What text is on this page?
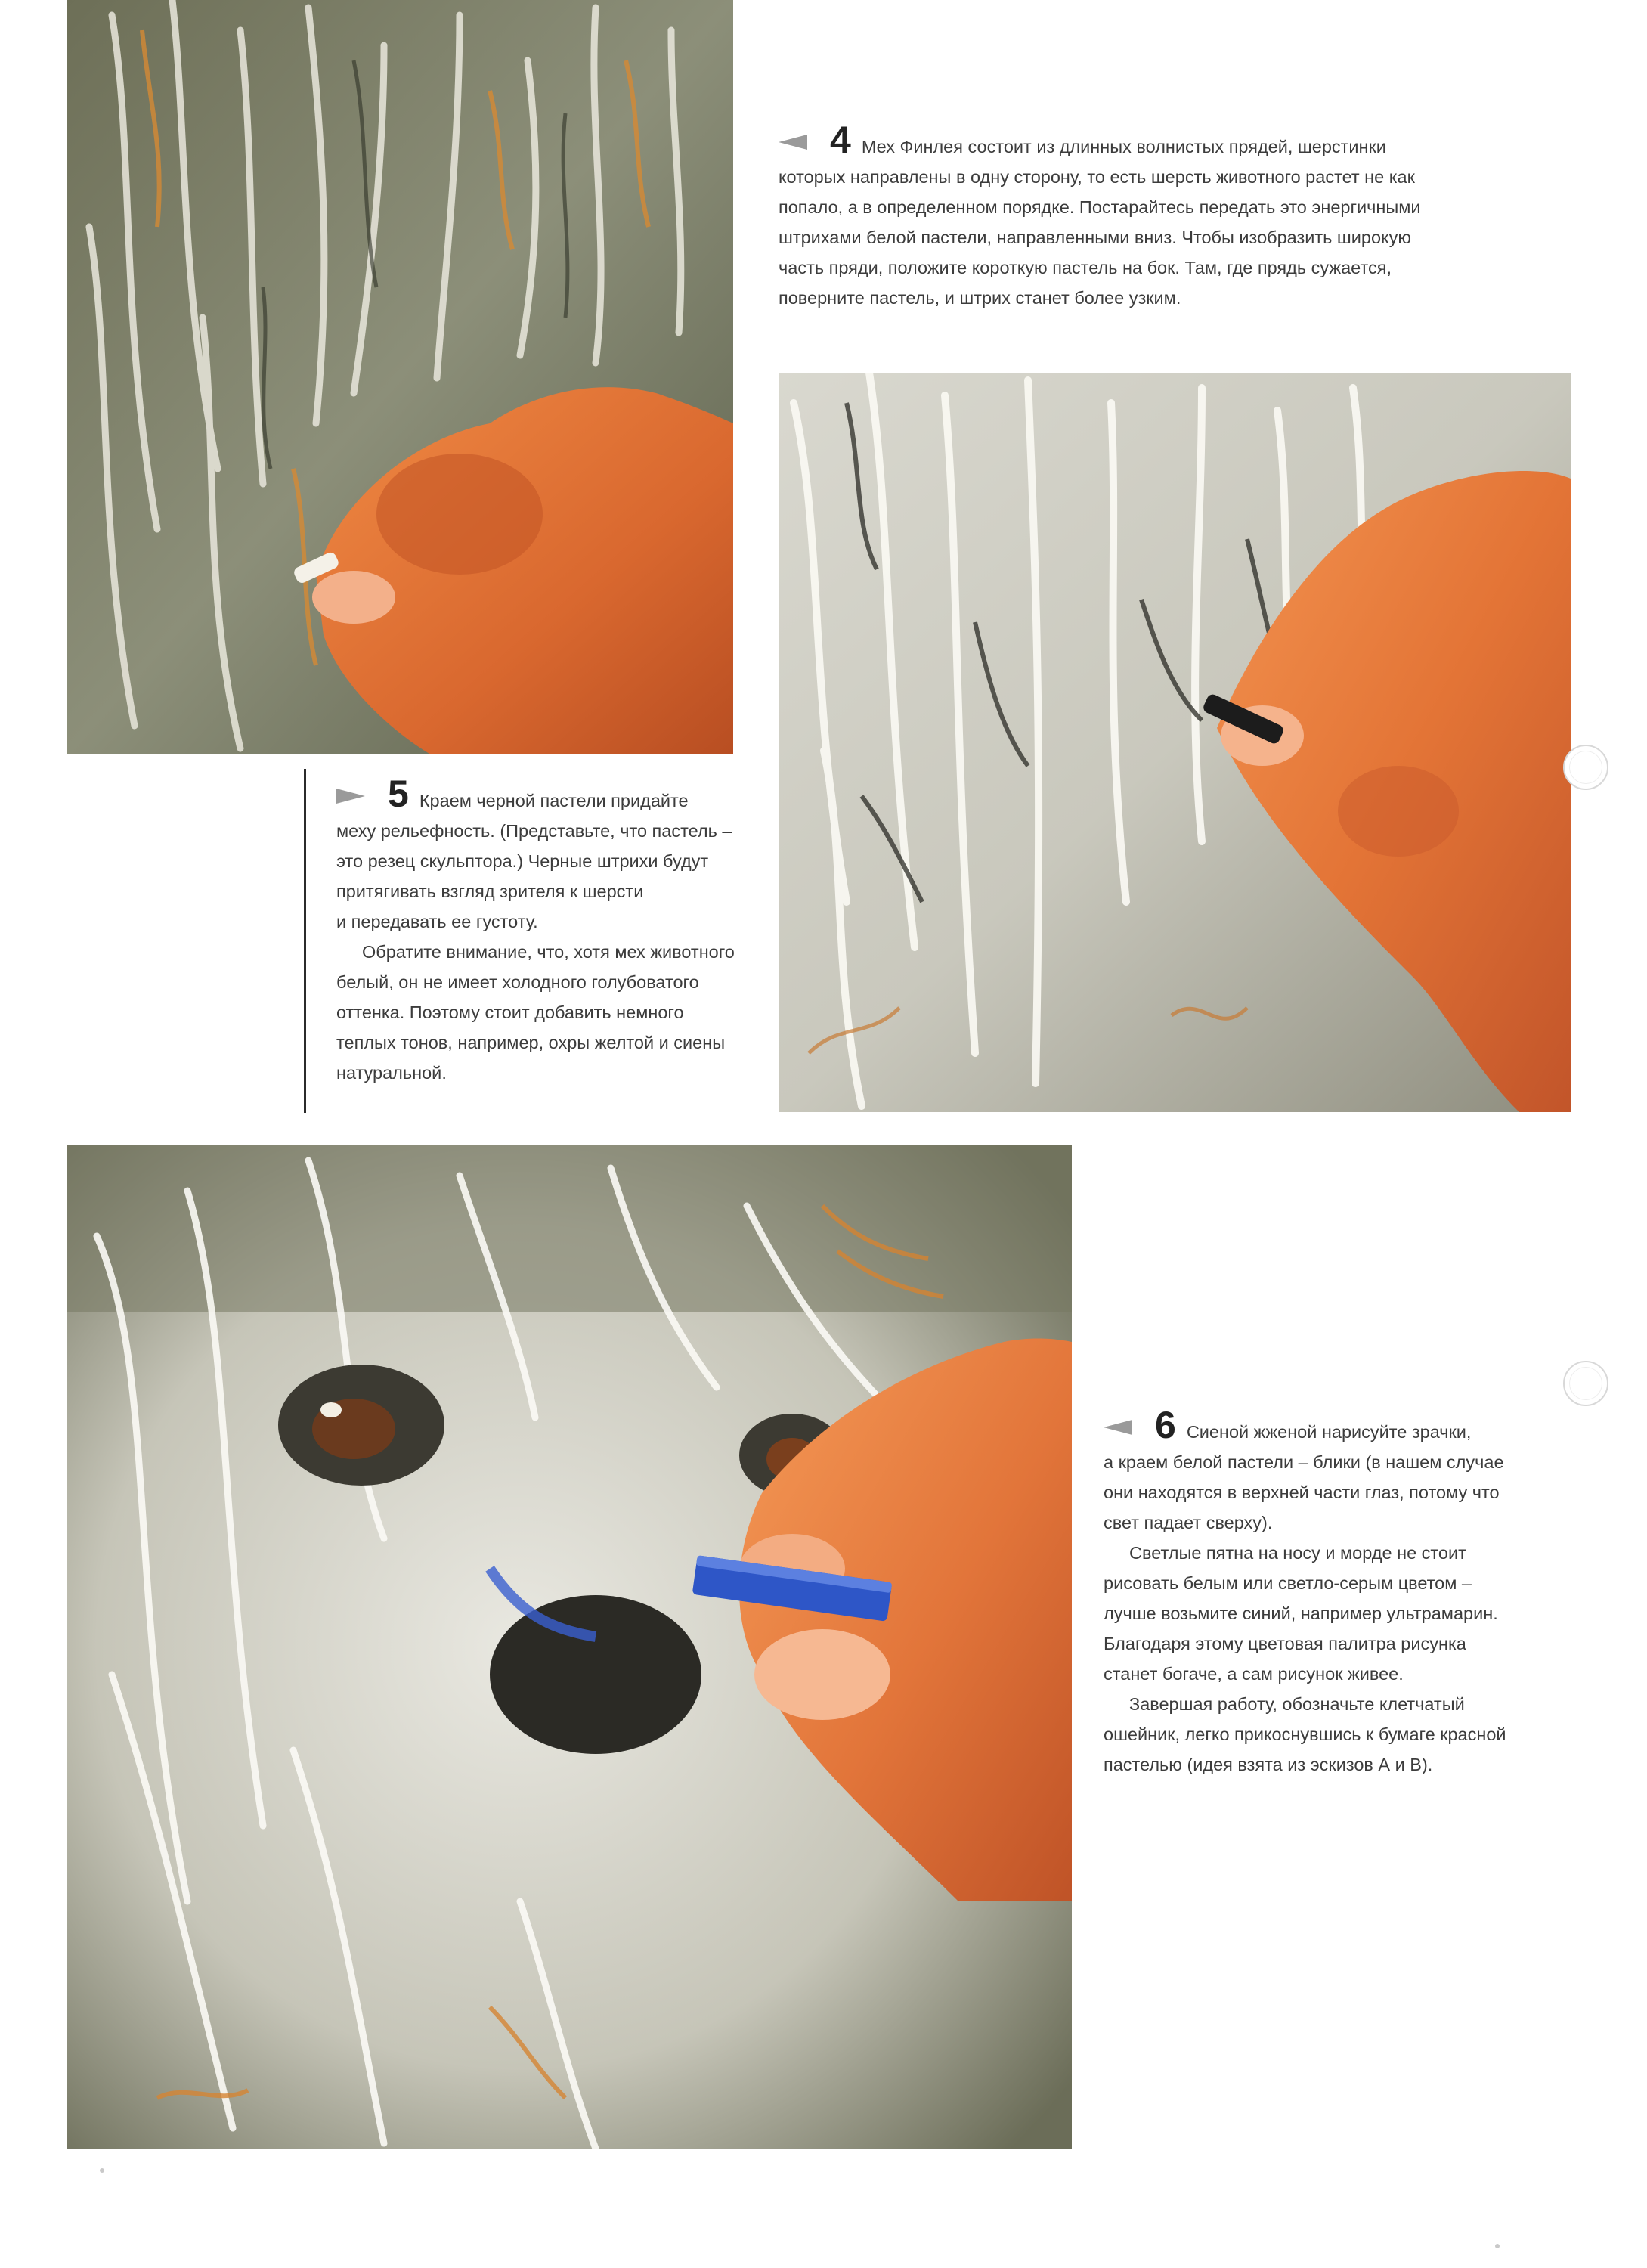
4 Мех Финлея состоит из длинных волнистых прядей, шерстинки

которых направлены в одну сторону, то есть шерсть животного растет не как

попало, а в определенном порядке. Постарайтесь передать это энергичными

штрихами белой пастели, направленными вниз. Чтобы изобразить широкую

часть пряди, положите короткую пастель на бок. Там, где прядь сужается,

поверните пастель, и штрих станет более узким.

5 Краем черной пастели придайте

меху рельефность. (Представьте, что пастель –

это резец скульптора.) Черные штрихи будут

притягивать взгляд зрителя к шерсти

и передавать ее густоту.

Обратите внимание, что, хотя мех животного

белый, он не имеет холодного голубоватого

оттенка. Поэтому стоит добавить немного

теплых тонов, например, охры желтой и сиены

натуральной.

6 Сиеной жженой нарисуйте зрачки,

а краем белой пастели – блики (в нашем случае

они находятся в верхней части глаз, потому что

свет падает сверху).

Светлые пятна на носу и морде не стоит

рисовать белым или светло-серым цветом –

лучше возьмите синий, например ультрамарин.

Благодаря этому цветовая палитра рисунка

станет богаче, а сам рисунок живее.

Завершая работу, обозначьте клетчатый

ошейник, легко прикоснувшись к бумаге красной

пастелью (идея взята из эскизов А и В).
